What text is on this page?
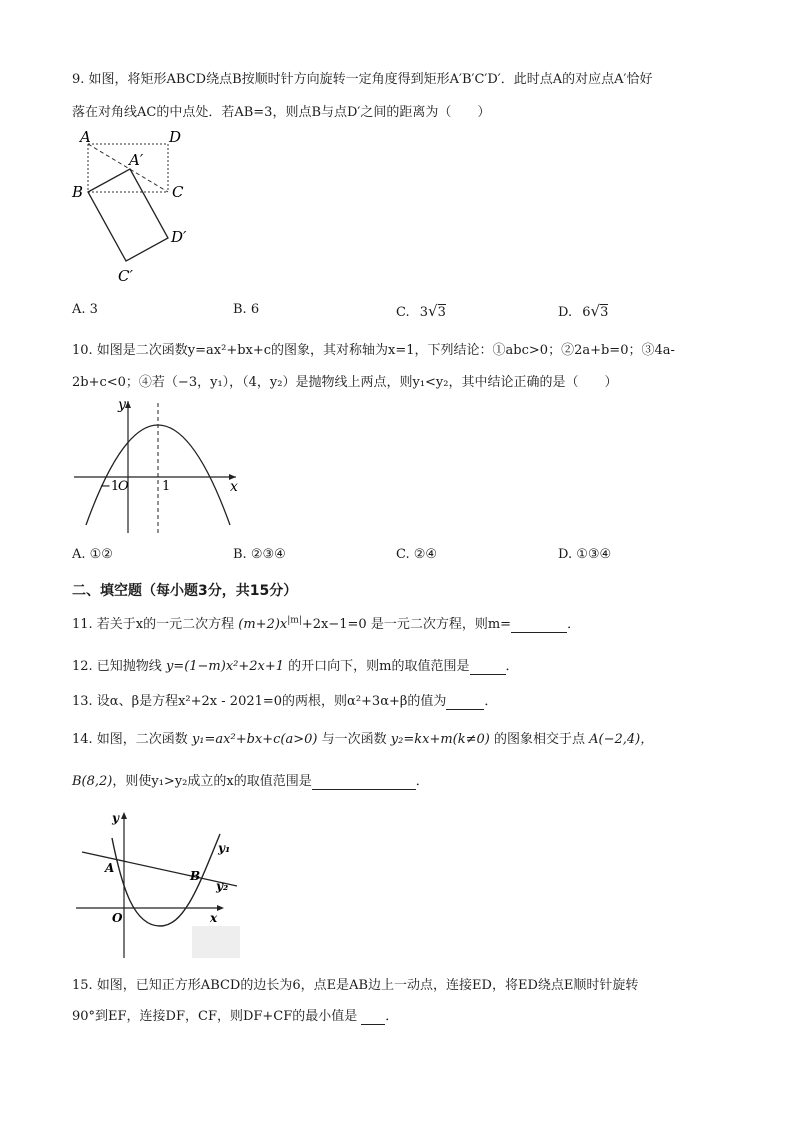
9. 如图，将矩形ABCD绕点B按顺时针方向旋转一定角度得到矩形A′B′C′D′．此时点A的对应点A′恰好
落在对角线AC的中点处．若AB=3，则点B与点D′之间的距离为（　　）
A	D
A′
B	C
D′
C′
A. 3	B. 6	C. 3√3	D. 6√3
10. 如图是二次函数y=ax²+bx+c的图象，其对称轴为x=1，下列结论：①abc>0；②2a+b=0；③4a-
2b+c<0；④若（−3，y₁），（4，y₂）是抛物线上两点，则y₁<y₂，其中结论正确的是（　　）
y
x
−1
O	1
A. ①②	B. ②③④	C. ②④	D. ①③④
二、填空题（每小题3分，共15分）
11. 若关于x的一元二次方程 $(m+2)x^{|m|}+2x-1=0$ 是一元二次方程，则m=	．
12. 已知抛物线 y=(1−m)x²+2x+1 的开口向下，则m的取值范围是	．
13. 设α、β是方程x²+2x - 2021=0的两根，则α²+3α+β的值为	．
14. 如图，二次函数 y₁=ax²+bx+c(a>0) 与一次函数 y₂=kx+m(k≠0) 的图象相交于点 A(−2,4)，
B(8,2)，则使y₁>y₂成立的x的取值范围是	．
y
x
A
B
O
y₁
y₂
15. 如图，已知正方形ABCD的边长为6，点E是AB边上一动点，连接ED，将ED绕点E顺时针旋转
90°到EF，连接DF，CF，则DF+CF的最小值是 ．
